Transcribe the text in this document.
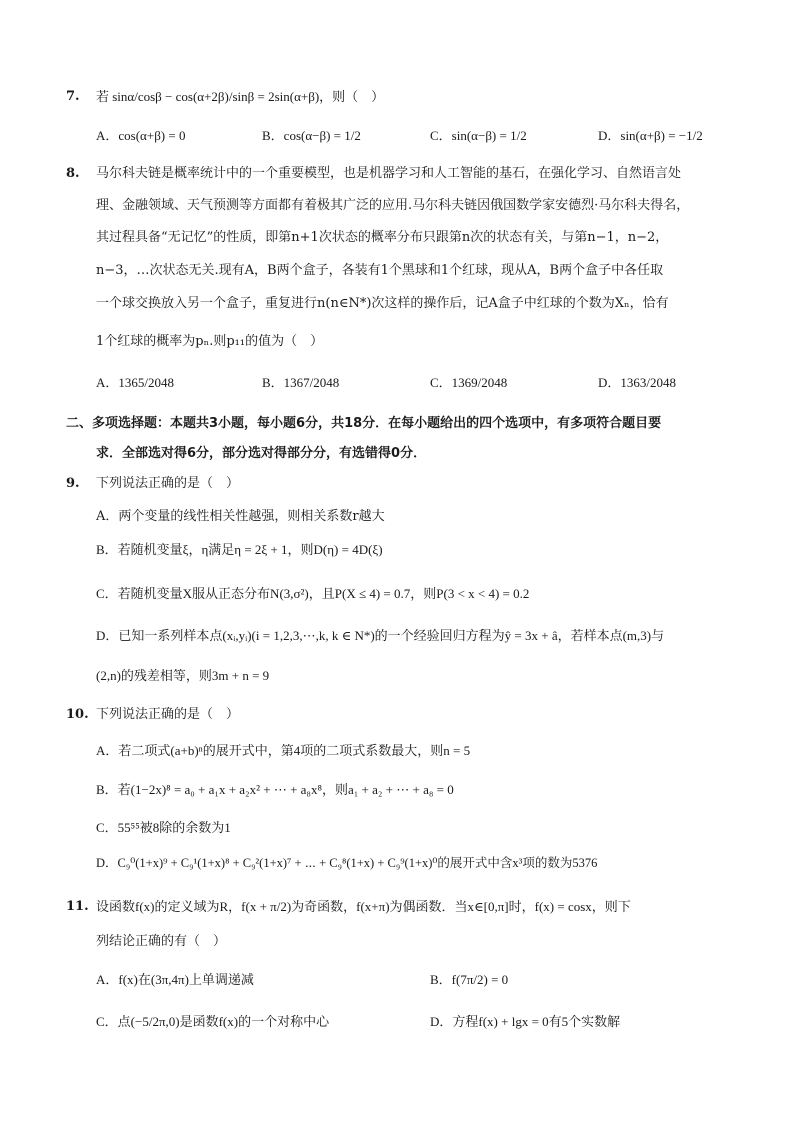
7. 若 sinα/cosβ − cos(α+2β)/sinβ = 2sin(α+β)，则（　）
A．cos(α+β) = 0	B．cos(α−β) = 1/2	C．sin(α−β) = 1/2	D．sin(α+β) = −1/2
8. 马尔科夫链是概率统计中的一个重要模型，也是机器学习和人工智能的基石，在强化学习、自然语言处
理、金融领域、天气预测等方面都有着极其广泛的应用.马尔科夫链因俄国数学家安德烈·马尔科夫得名，
其过程具备“无记忆”的性质，即第n+1次状态的概率分布只跟第n次的状态有关，与第n−1，n−2，
n−3，…次状态无关.现有A，B两个盒子，各装有1个黑球和1个红球，现从A，B两个盒子中各任取
一个球交换放入另一个盒子，重复进行n(n∈N*)次这样的操作后，记A盒子中红球的个数为Xₙ，恰有
1个红球的概率为pₙ.则p₁₁的值为（　）
A．1365/2048	B．1367/2048	C．1369/2048	D．1363/2048
二、多项选择题：本题共3小题，每小题6分，共18分．在每小题给出的四个选项中，有多项符合题目要
求．全部选对得6分，部分选对得部分分，有选错得0分．
9. 下列说法正确的是（　）
A．两个变量的线性相关性越强，则相关系数r越大
B．若随机变量ξ，η满足η = 2ξ + 1，则D(η) = 4D(ξ)
C．若随机变量X服从正态分布N(3,σ²)，且P(X ≤ 4) = 0.7，则P(3 < x < 4) = 0.2
D．已知一系列样本点(xᵢ,yᵢ)(i = 1,2,3,⋯,k, k ∈ N*)的一个经验回归方程为ŷ = 3x + â，若样本点(m,3)与
(2,n)的残差相等，则3m + n = 9
10. 下列说法正确的是（　）
A．若二项式(a+b)ⁿ的展开式中，第4项的二项式系数最大，则n = 5
B．若(1−2x)⁸ = a₀ + a₁x + a₂x² + ⋯ + a₈x⁸，则a₁ + a₂ + ⋯ + a₈ = 0
C．55⁵⁵被8除的余数为1
D．C₉⁰(1+x)⁹ + C₉¹(1+x)⁸ + C₉²(1+x)⁷ + ⋯ + C₉⁸(1+x) + C₉⁹(1+x)⁰的展开式中含x³项的数为5376
11. 设函数f(x)的定义域为R，f(x + π/2)为奇函数，f(x+π)为偶函数．当x∈[0,π]时，f(x) = cosx，则下
列结论正确的有（　）
A．f(x)在(3π,4π)上单调递减	B．f(7π/2) = 0
C．点(−5/2π,0)是函数f(x)的一个对称中心	D．方程f(x) + lgx = 0有5个实数解
